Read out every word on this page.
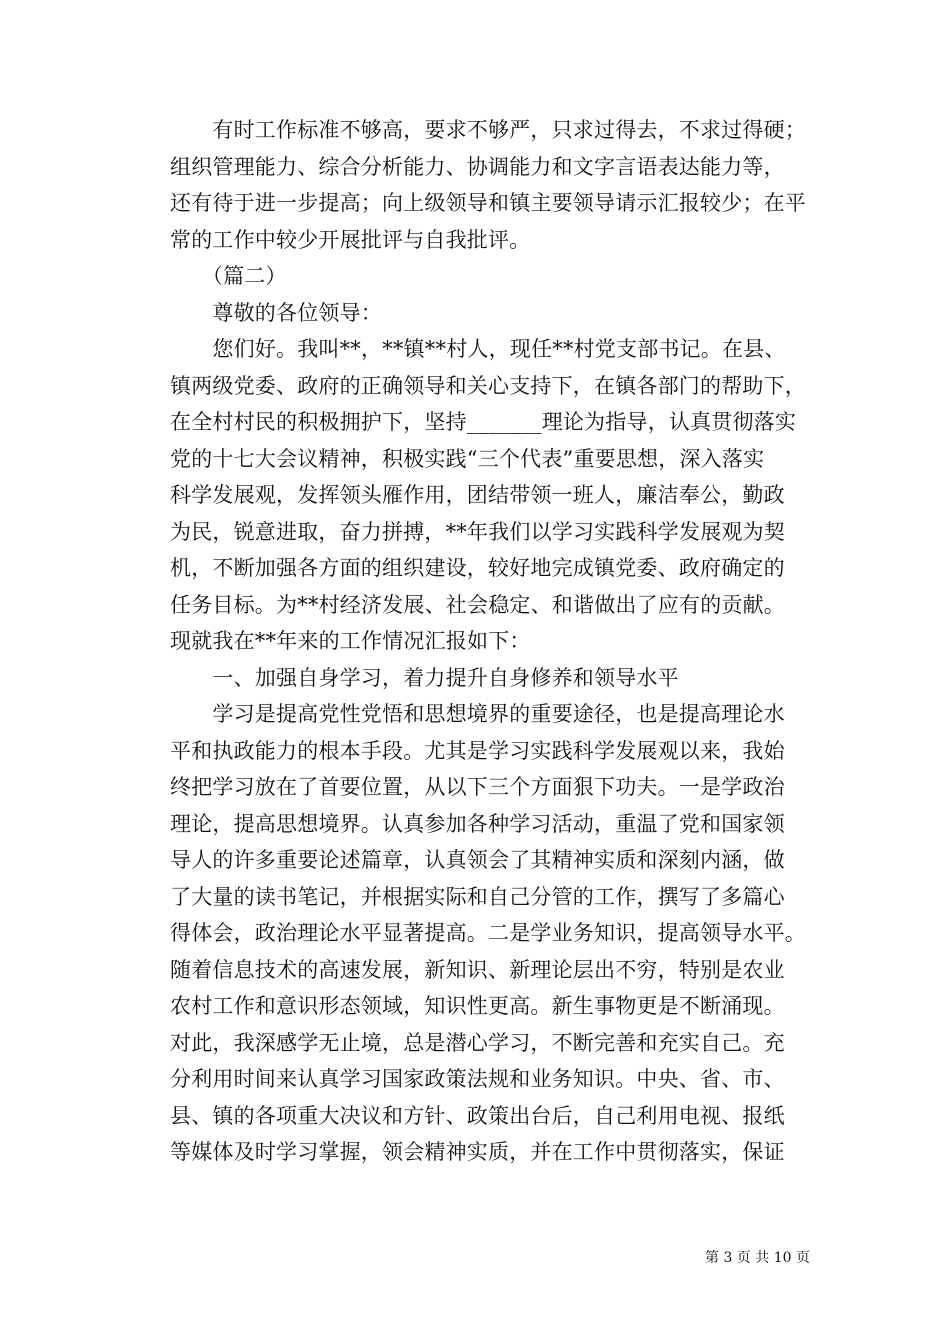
　　有时工作标准不够高，要求不够严，只求过得去，不求过得硬；
组织管理能力、综合分析能力、协调能力和文字言语表达能力等，
还有待于进一步提高；向上级领导和镇主要领导请示汇报较少；在平
常的工作中较少开展批评与自我批评。
　　（篇二）
　　尊敬的各位领导：
　　您们好。我叫**，**镇**村人，现任**村党支部书记。在县、
镇两级党委、政府的正确领导和关心支持下，在镇各部门的帮助下，
在全村村民的积极拥护下，坚持_______理论为指导，认真贯彻落实
党的十七大会议精神，积极实践“三个代表”重要思想，深入落实
科学发展观，发挥领头雁作用，团结带领一班人，廉洁奉公，勤政
为民，锐意进取，奋力拼搏，**年我们以学习实践科学发展观为契
机，不断加强各方面的组织建设，较好地完成镇党委、政府确定的
任务目标。为**村经济发展、社会稳定、和谐做出了应有的贡献。
现就我在**年来的工作情况汇报如下：
　　一、加强自身学习，着力提升自身修养和领导水平
　　学习是提高党性党悟和思想境界的重要途径，也是提高理论水
平和执政能力的根本手段。尤其是学习实践科学发展观以来，我始
终把学习放在了首要位置，从以下三个方面狠下功夫。一是学政治
理论，提高思想境界。认真参加各种学习活动，重温了党和国家领
导人的许多重要论述篇章，认真领会了其精神实质和深刻内涵，做
了大量的读书笔记，并根据实际和自己分管的工作，撰写了多篇心
得体会，政治理论水平显著提高。二是学业务知识，提高领导水平。
随着信息技术的高速发展，新知识、新理论层出不穷，特别是农业
农村工作和意识形态领域，知识性更高。新生事物更是不断涌现。
对此，我深感学无止境，总是潜心学习，不断完善和充实自己。充
分利用时间来认真学习国家政策法规和业务知识。中央、省、市、
县、镇的各项重大决议和方针、政策出台后，自己利用电视、报纸
等媒体及时学习掌握，领会精神实质，并在工作中贯彻落实，保证
第 3 页 共 10 页
